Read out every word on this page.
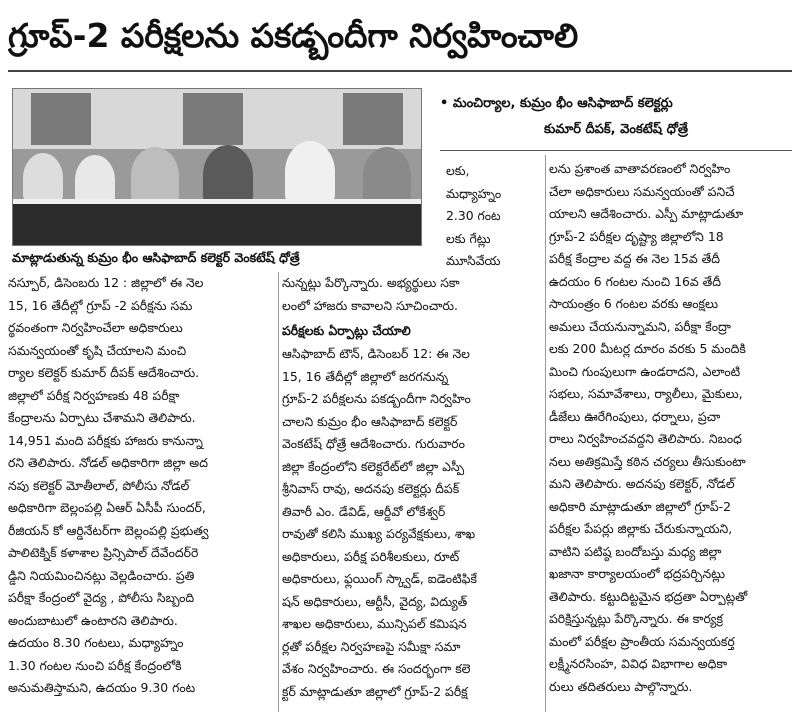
గ్రూప్‌-2 పరీక్షలను పకడ్బందీగా నిర్వహించాలి
మాట్లాడుతున్న కుమ్రం భీం ఆసిఫాబాద్‌ కలెక్టర్‌ వెంకటేష్‌ ధోత్రే
• మంచిర్యాల, కుమ్రం భీం ఆసిఫాబాద్‌ కలెక్టర్లు
కుమార్‌ దీపక్‌, వెంకటేష్‌ ధోత్రే

నస్పూర్‌, డిసెంబరు 12 : జిల్లాలో ఈ నెల

15, 16 తేదీల్లో గ్రూప్‌ -2 పరీక్షను సమ

ర్థవంతంగా నిర్వహించేలా అధికారులు

సమన్వయంతో కృషి చేయాలని మంచి

ర్యాల కలెక్టర్‌ కుమార్‌ దీపక్‌ ఆదేశించారు.

జిల్లాలో పరీక్ష నిర్వహణకు 48 పరీక్షా

కేంద్రాలను ఏర్పాటు చేశామని తెలిపారు.

14,951 మంది పరీక్షకు హాజరు కానున్నా

రని తెలిపారు. నోడల్‌ అధికారిగా జిల్లా అద

నపు కలెక్టర్‌ మోతీలాల్‌, పోలీసు నోడల్‌

అధికారిగా బెల్లంపల్లి ఏఆర్‌ ఏసీపీ సుందర్‌,

రీజియన్‌ కో ఆర్డినేటర్‌గా బెల్లంపల్లి ప్రభుత్వ

పాలిటెక్నిక్‌ కళాశాల ప్రిన్సిపాల్‌ దేవేందర్‌రె

డ్డిని నియమించినట్లు వెల్లడించారు. ప్రతి

పరీక్షా కేంద్రంలో వైద్య , పోలీసు సిబ్బంది

అందుబాటులో ఉంటారని తెలిపారు.

ఉదయం 8.30 గంటలు, మధ్యాహ్నం

1.30 గంటల నుంచి పరీక్ష కేంద్రంలోకి

అనుమతిస్తామని, ఉదయం 9.30 గంట

లకు,

మధ్యాహ్నం

2.30 గంట

లకు గేట్లు

మూసివేయ

నున్నట్లు పేర్కొన్నారు. అభ్యర్థులు సకా

లంలో హాజరు కావాలని సూచించారు.

పరీక్షలకు ఏర్పాట్లు చేయాలి

ఆసిఫాబాద్‌ టౌన్‌, డిసెంబర్‌ 12: ఈ నెల

15, 16 తేదీల్లో జిల్లాలో జరగనున్న

గ్రూప్‌-2 పరీక్షలను పకడ్బందీగా నిర్వహిం

చాలని కుమ్రం భీం ఆసిఫాబాద్‌ కలెక్టర్‌

వెంకటేష్‌ ధోత్రే ఆదేశించారు. గురువారం

జిల్లా కేంద్రంలోని కలెక్టరేట్‌లో జిల్లా ఎస్పీ

శ్రీనివాస్‌ రావు, అదనపు కలెక్టర్లు దీపక్‌

తివారీ ఎం. డేవిడ్‌, ఆర్డీవో లోకేశ్వర్‌

రావుతో కలిసి ముఖ్య పర్యవేక్షకులు, శాఖ

అధికారులు, పరీక్ష పరిశీలకులు, రూట్‌

అధికారులు, ఫ్లయింగ్‌ స్క్వాడ్‌, ఐడెంటిఫికే

షన్‌ అధికారులు, ఆర్టీసీ, వైద్య, విద్యుత్‌

శాఖల అధికారులు, మున్సిపల్‌ కమిషన

ర్లతో పరీక్షల నిర్వహణపై సమీక్షా సమా

వేశం నిర్వహించారు. ఈ సందర్భంగా కలె

క్టర్‌ మాట్లాడుతూ జిల్లాలో గ్రూప్‌-2 పరీక్ష

లను ప్రశాంత వాతావరణంలో నిర్వహిం

చేలా అధికారులు సమన్వయంతో పనిచే

యాలని ఆదేశించారు. ఎస్పీ మాట్లాడుతూ

గ్రూప్‌-2 పరీక్షల దృష్ట్యా జిల్లాలోని 18

పరీక్ష కేంద్రాల వద్ద ఈ నెల 15వ తేదీ

ఉదయం 6 గంటల నుంచి 16వ తేదీ

సాయంత్రం 6 గంటల వరకు ఆంక్షలు

అమలు చేయనున్నామని, పరీక్షా కేంద్రా

లకు 200 మీటర్ల దూరం వరకు 5 మందికి

మించి గుంపులుగా ఉండరాదని, ఎలాంటి

సభలు, సమావేశాలు, ర్యాలీలు, మైకులు,

డీజేలు ఊరేగింపులు, ధర్నాలు, ప్రచా

రాలు నిర్వహించవద్దని తెలిపారు. నిబంధ

నలు అతిక్రమిస్తే కఠిన చర్యలు తీసుకుంటా

మని తెలిపారు. అదనపు కలెక్టర్‌, నోడల్‌

అధికారి మాట్లాడుతూ జిల్లాలో గ్రూప్‌-2

పరీక్షల పేపర్లు జిల్లాకు చేరుకున్నాయని,

వాటిని పటిష్ఠ బందోబస్తు మధ్య జిల్లా

ఖజానా కార్యాలయంలో భద్రపర్చినట్లు

తెలిపారు. కట్టుదిట్టమైన భద్రతా ఏర్పాట్లతో

పరిక్షిస్తున్నట్లు పేర్కొన్నారు. ఈ కార్యక్ర

మంలో పరీక్షల ప్రాంతీయ సమన్వయకర్త

లక్ష్మీనరసింహ, వివిధ విభాగాల అధికా

రులు తదితరులు పాల్గొన్నారు.
